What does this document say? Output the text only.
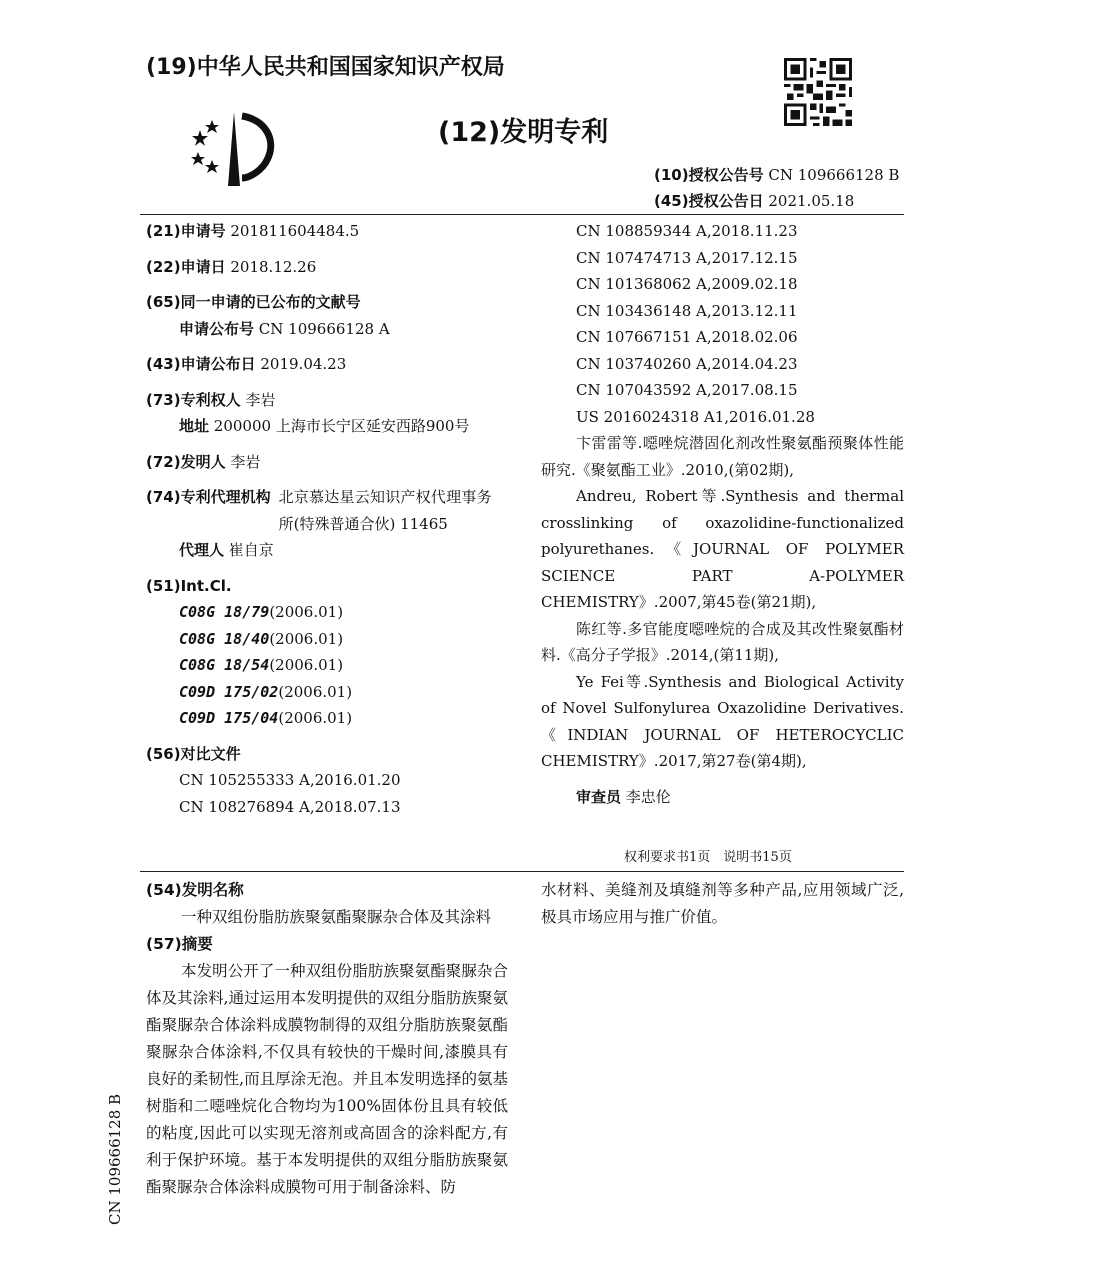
(19)中华人民共和国国家知识产权局
(12)发明专利
(10)授权公告号 CN 109666128 B
(45)授权公告日 2021.05.18
(21)申请号 201811604484.5
(22)申请日 2018.12.26
(65)同一申请的已公布的文献号
申请公布号 CN 109666128 A
(43)申请公布日 2019.04.23
(73)专利权人 李岩
地址 200000 上海市长宁区延安西路900号
(72)发明人 李岩
(74)专利代理机构 北京慕达星云知识产权代理事务所(特殊普通合伙) 11465
代理人 崔自京
(51)Int.Cl.
C08G 18/79(2006.01)
C08G 18/40(2006.01)
C08G 18/54(2006.01)
C09D 175/02(2006.01)
C09D 175/04(2006.01)
(56)对比文件
CN 105255333 A,2016.01.20
CN 108276894 A,2018.07.13
CN 108859344 A,2018.11.23
CN 107474713 A,2017.12.15
CN 101368062 A,2009.02.18
CN 103436148 A,2013.12.11
CN 107667151 A,2018.02.06
CN 103740260 A,2014.04.23
CN 107043592 A,2017.08.15
US 2016024318 A1,2016.01.28
卞雷雷等.噁唑烷潜固化剂改性聚氨酯预聚体性能研究.《聚氨酯工业》.2010,(第02期),
Andreu, Robert等.Synthesis and thermal crosslinking of oxazolidine-functionalized polyurethanes.《JOURNAL OF POLYMER SCIENCE PART A-POLYMER CHEMISTRY》.2007,第45卷(第21期),
陈红等.多官能度噁唑烷的合成及其改性聚氨酯材料.《高分子学报》.2014,(第11期),
Ye Fei等.Synthesis and Biological Activity of Novel Sulfonylurea Oxazolidine Derivatives.《INDIAN JOURNAL OF HETEROCYCLIC CHEMISTRY》.2017,第27卷(第4期),
审查员 李忠伦
权利要求书1页　说明书15页
(54)发明名称
一种双组份脂肪族聚氨酯聚脲杂合体及其涂料
(57)摘要
本发明公开了一种双组份脂肪族聚氨酯聚脲杂合体及其涂料,通过运用本发明提供的双组分脂肪族聚氨酯聚脲杂合体涂料成膜物制得的双组分脂肪族聚氨酯聚脲杂合体涂料,不仅具有较快的干燥时间,漆膜具有良好的柔韧性,而且厚涂无泡。并且本发明选择的氨基树脂和二噁唑烷化合物均为100%固体份且具有较低的粘度,因此可以实现无溶剂或高固含的涂料配方,有利于保护环境。基于本发明提供的双组分脂肪族聚氨酯聚脲杂合体涂料成膜物可用于制备涂料、防
水材料、美缝剂及填缝剂等多种产品,应用领域广泛,极具市场应用与推广价值。
CN 109666128 B
